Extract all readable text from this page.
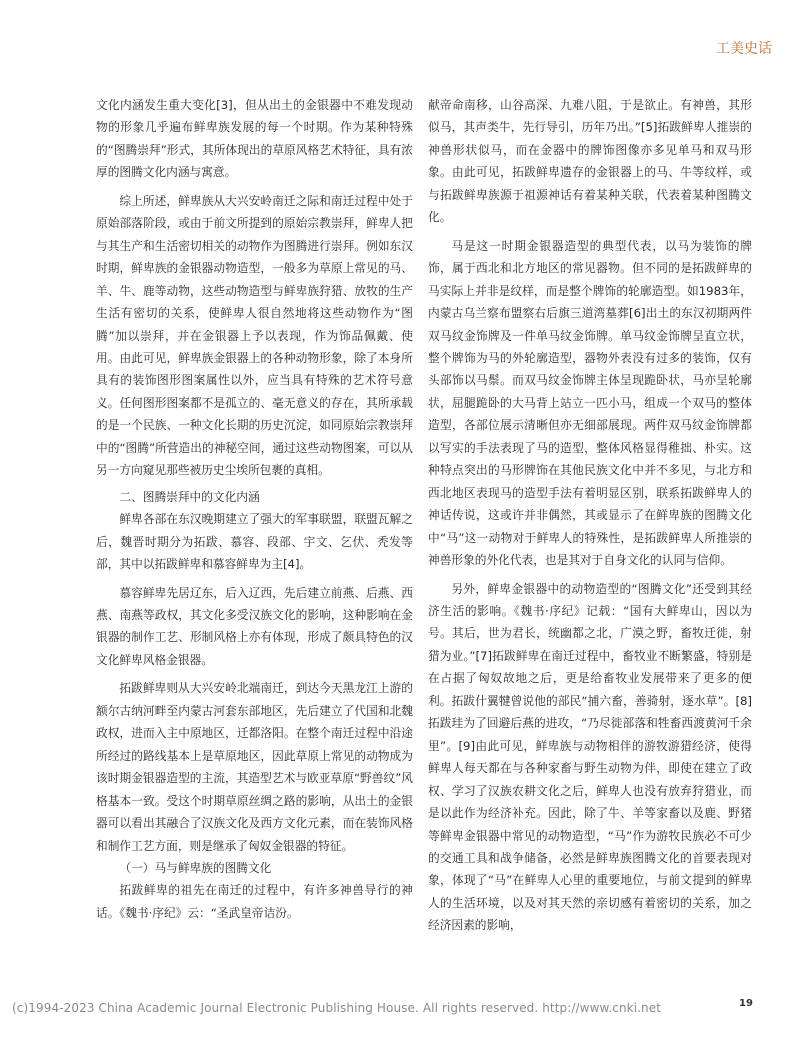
工美史话

文化内涵发生重大变化[3]，但从出土的金银器中不难发现动物的形象几乎遍布鲜卑族发展的每一个时期。作为某种特殊的“图腾崇拜”形式，其所体现出的草原风格艺术特征，具有浓厚的图腾文化内涵与寓意。

综上所述，鲜卑族从大兴安岭南迁之际和南迁过程中处于原始部落阶段，或由于前文所提到的原始宗教崇拜，鲜卑人把与其生产和生活密切相关的动物作为图腾进行崇拜。例如东汉时期，鲜卑族的金银器动物造型，一般多为草原上常见的马、羊、牛、鹿等动物，这些动物造型与鲜卑族狩猎、放牧的生产生活有密切的关系，使鲜卑人很自然地将这些动物作为“图腾”加以崇拜，并在金银器上予以表现，作为饰品佩戴、使用。由此可见，鲜卑族金银器上的各种动物形象，除了本身所具有的装饰图形图案属性以外，应当具有特殊的艺术符号意义。任何图形图案都不是孤立的、毫无意义的存在，其所承载的是一个民族、一种文化长期的历史沉淀，如同原始宗教崇拜中的“图腾”所营造出的神秘空间，通过这些动物图案，可以从另一方向窥见那些被历史尘埃所包裹的真相。

二、图腾崇拜中的文化内涵

鲜卑各部在东汉晚期建立了强大的军事联盟，联盟瓦解之后，魏晋时期分为拓跋、慕容、段部、宇文、乞伏、秃发等部，其中以拓跋鲜卑和慕容鲜卑为主[4]。

慕容鲜卑先居辽东，后入辽西，先后建立前燕、后燕、西燕、南燕等政权，其文化多受汉族文化的影响，这种影响在金银器的制作工艺、形制风格上亦有体现，形成了颇具特色的汉文化鲜卑风格金银器。

拓跋鲜卑则从大兴安岭北端南迁，到达今天黑龙江上游的额尔古纳河畔至内蒙古河套东部地区，先后建立了代国和北魏政权，进而入主中原地区，迁都洛阳。在整个南迁过程中沿途所经过的路线基本上是草原地区，因此草原上常见的动物成为该时期金银器造型的主流，其造型艺术与欧亚草原“野兽纹”风格基本一致。受这个时期草原丝绸之路的影响，从出土的金银器可以看出其融合了汉族文化及西方文化元素，而在装饰风格和制作工艺方面，则是继承了匈奴金银器的特征。

（一）马与鲜卑族的图腾文化

拓跋鲜卑的祖先在南迁的过程中，有许多神兽导行的神话。《魏书·序纪》云：“圣武皇帝诘汾。

献帝命南移，山谷高深、九难八阻，于是欲止。有神兽，其形似马，其声类牛，先行导引，历年乃出。”[5]拓跋鲜卑人推崇的神兽形状似马，而在金器中的牌饰图像亦多见单马和双马形象。由此可见，拓跋鲜卑遗存的金银器上的马、牛等纹样，或与拓跋鲜卑族源于祖源神话有着某种关联，代表着某种图腾文化。

马是这一时期金银器造型的典型代表，以马为装饰的牌饰，属于西北和北方地区的常见器物。但不同的是拓跋鲜卑的马实际上并非是纹样，而是整个牌饰的轮廓造型。如1983年，内蒙古乌兰察布盟察右后旗三道湾墓葬[6]出土的东汉初期两件双马纹金饰牌及一件单马纹金饰牌。单马纹金饰牌呈直立状，整个牌饰为马的外轮廓造型，器物外表没有过多的装饰，仅有头部饰以马鬃。而双马纹金饰牌主体呈现跪卧状，马亦呈轮廓状，屈腿跪卧的大马背上站立一匹小马，组成一个双马的整体造型，各部位展示清晰但亦无细部展现。两件双马纹金饰牌都以写实的手法表现了马的造型，整体风格显得稚拙、朴实。这种特点突出的马形牌饰在其他民族文化中并不多见，与北方和西北地区表现马的造型手法有着明显区别，联系拓跋鲜卑人的神话传说，这或许并非偶然，其或显示了在鲜卑族的图腾文化中“马”这一动物对于鲜卑人的特殊性，是拓跋鲜卑人所推崇的神兽形象的外化代表，也是其对于自身文化的认同与信仰。

另外，鲜卑金银器中的动物造型的“图腾文化”还受到其经济生活的影响。《魏书·序纪》记载：“国有大鲜卑山，因以为号。其后，世为君长，统幽都之北，广漠之野，畜牧迁徙，射猎为业。”[7]拓跋鲜卑在南迁过程中，畜牧业不断繁盛，特别是在占据了匈奴故地之后，更是给畜牧业发展带来了更多的便利。拓跋什翼犍曾说他的部民“捕六畜，善骑射，逐水草”。[8]拓跋珪为了回避后燕的进攻，“乃尽徙部落和牲畜西渡黄河千余里”。[9]由此可见，鲜卑族与动物相伴的游牧游猎经济，使得鲜卑人每天都在与各种家畜与野生动物为伴，即使在建立了政权、学习了汉族农耕文化之后，鲜卑人也没有放弃狩猎业，而是以此作为经济补充。因此，除了牛、羊等家畜以及鹿、野猪等鲜卑金银器中常见的动物造型，“马”作为游牧民族必不可少的交通工具和战争储备，必然是鲜卑族图腾文化的首要表现对象，体现了“马”在鲜卑人心里的重要地位，与前文提到的鲜卑人的生活环境，以及对其天然的亲切感有着密切的关系，加之经济因素的影响，

(c)1994-2023 China Academic Journal Electronic Publishing House. All rights reserved. http://www.cnki.net	19
